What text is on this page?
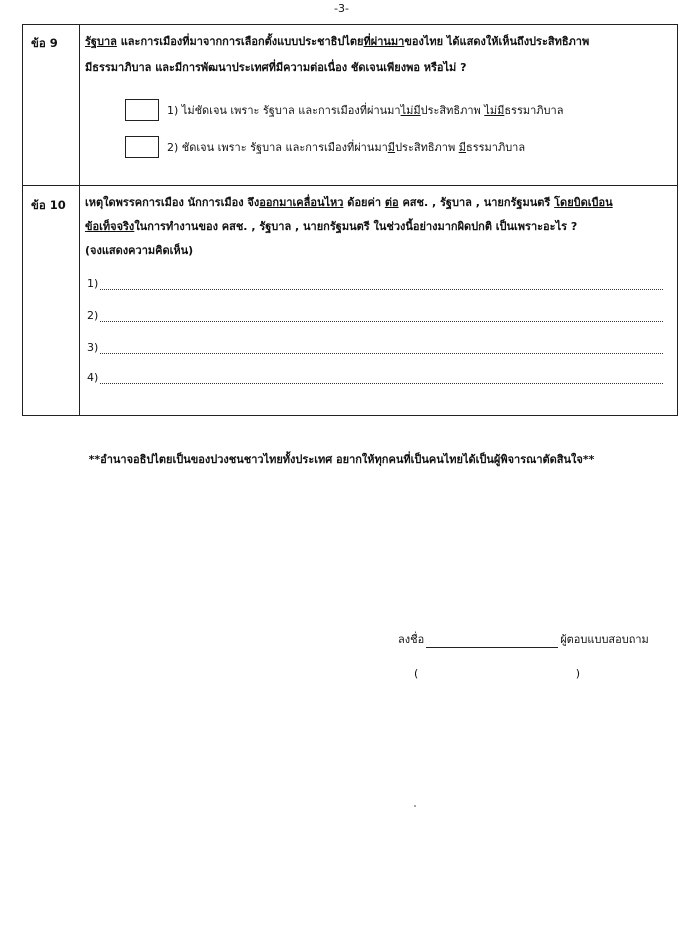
-3-
ข้อ 9 รัฐบาล และการเมืองที่มาจากการเลือกตั้งแบบประชาธิปไตยที่ผ่านมาของไทย ได้แสดงให้เห็นถึงประสิทธิภาพ
มีธรรมาภิบาล และมีการพัฒนาประเทศที่มีความต่อเนื่อง ชัดเจนเพียงพอ หรือไม่ ?
1) ไม่ชัดเจน เพราะ รัฐบาล และการเมืองที่ผ่านมาไม่มีประสิทธิภาพ ไม่มีธรรมาภิบาล
2) ชัดเจน เพราะ รัฐบาล และการเมืองที่ผ่านมามีประสิทธิภาพ มีธรรมาภิบาล
ข้อ 10 เหตุใดพรรคการเมือง นักการเมือง จึงออกมาเคลื่อนไหว ด้อยค่า ต่อ คสช. , รัฐบาล , นายกรัฐมนตรี โดยบิดเบือน
ข้อเท็จจริงในการทำงานของ คสช. , รัฐบาล , นายกรัฐมนตรี ในช่วงนี้อย่างมากผิดปกติ เป็นเพราะอะไร ?
(จงแสดงความคิดเห็น)
1)
2)
3)
4)
**อำนาจอธิปไตยเป็นของปวงชนชาวไทยทั้งประเทศ อยากให้ทุกคนที่เป็นคนไทยได้เป็นผู้พิจารณาตัดสินใจ**
ลงชื่อ	ผู้ตอบแบบสอบถาม
(	)
